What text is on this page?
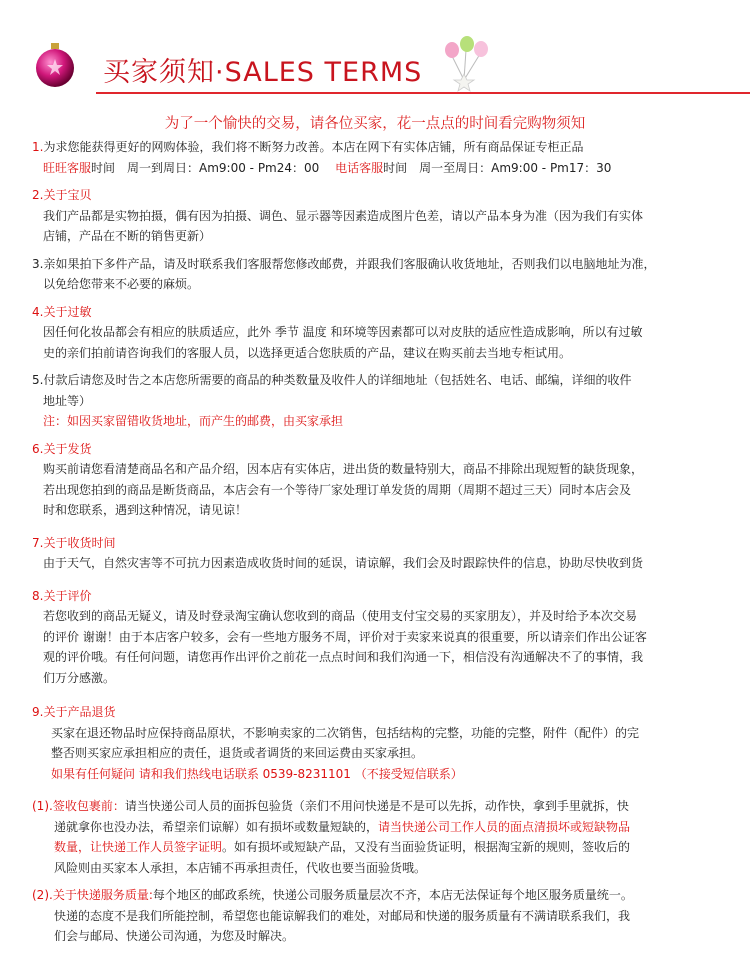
买家须知·SALES TERMS
为了一个愉快的交易，请各位买家，花一点点的时间看完购物须知
1.为求您能获得更好的网购体验，我们将不断努力改善。本店在网下有实体店铺，所有商品保证专柜正品
旺旺客服时间　周一到周日：Am9:00 - Pm24：00 电话客服时间　周一至周日：Am9:00 - Pm17：30
2.关于宝贝
我们产品都是实物拍摄，偶有因为拍摄、调色、显示器等因素造成图片色差，请以产品本身为准（因为我们有实体
店铺，产品在不断的销售更新）
3.亲如果拍下多件产品，请及时联系我们客服帮您修改邮费，并跟我们客服确认收货地址，否则我们以电脑地址为准，
以免给您带来不必要的麻烦。
4.关于过敏
因任何化妆品都会有相应的肤质适应，此外 季节 温度 和环境等因素都可以对皮肤的适应性造成影响，所以有过敏
史的亲们拍前请咨询我们的客服人员，以选择更适合您肤质的产品，建议在购买前去当地专柜试用。
5.付款后请您及时告之本店您所需要的商品的种类数量及收件人的详细地址（包括姓名、电话、邮编，详细的收件
地址等）
注：如因买家留错收货地址，而产生的邮费，由买家承担
6.关于发货
购买前请您看清楚商品名和产品介绍，因本店有实体店，进出货的数量特别大，商品不排除出现短暂的缺货现象，
若出现您拍到的商品是断货商品，本店会有一个等待厂家处理订单发货的周期（周期不超过三天）同时本店会及
时和您联系，遇到这种情况，请见谅！
7.关于收货时间
由于天气，自然灾害等不可抗力因素造成收货时间的延误，请谅解，我们会及时跟踪快件的信息，协助尽快收到货
8.关于评价
若您收到的商品无疑义，请及时登录淘宝确认您收到的商品（使用支付宝交易的买家朋友），并及时给予本次交易
的评价 谢谢！由于本店客户较多，会有一些地方服务不周，评价对于卖家来说真的很重要，所以请亲们作出公证客
观的评价哦。有任何问题，请您再作出评价之前花一点点时间和我们沟通一下，相信没有沟通解决不了的事情，我
们万分感激。
9.关于产品退货
买家在退还物品时应保持商品原状，不影响卖家的二次销售，包括结构的完整，功能的完整，附件（配件）的完
整否则买家应承担相应的责任，退货或者调货的来回运费由买家承担。
如果有任何疑问 请和我们热线电话联系 0539-8231101 （不接受短信联系）
(1).签收包裹前：请当快递公司人员的面拆包验货（亲们不用问快递是不是可以先拆，动作快，拿到手里就拆，快
递就拿你也没办法，希望亲们谅解）如有损坏或数量短缺的，请当快递公司工作人员的面点清损坏或短缺物品
数量，让快递工作人员签字证明。如有损坏或短缺产品，又没有当面验货证明，根据淘宝新的规则，签收后的
风险则由买家本人承担，本店铺不再承担责任，代收也要当面验货哦。
(2).关于快递服务质量:每个地区的邮政系统，快递公司服务质量层次不齐，本店无法保证每个地区服务质量统一。
快递的态度不是我们所能控制，希望您也能谅解我们的难处，对邮局和快递的服务质量有不满请联系我们，我
们会与邮局、快递公司沟通，为您及时解决。
